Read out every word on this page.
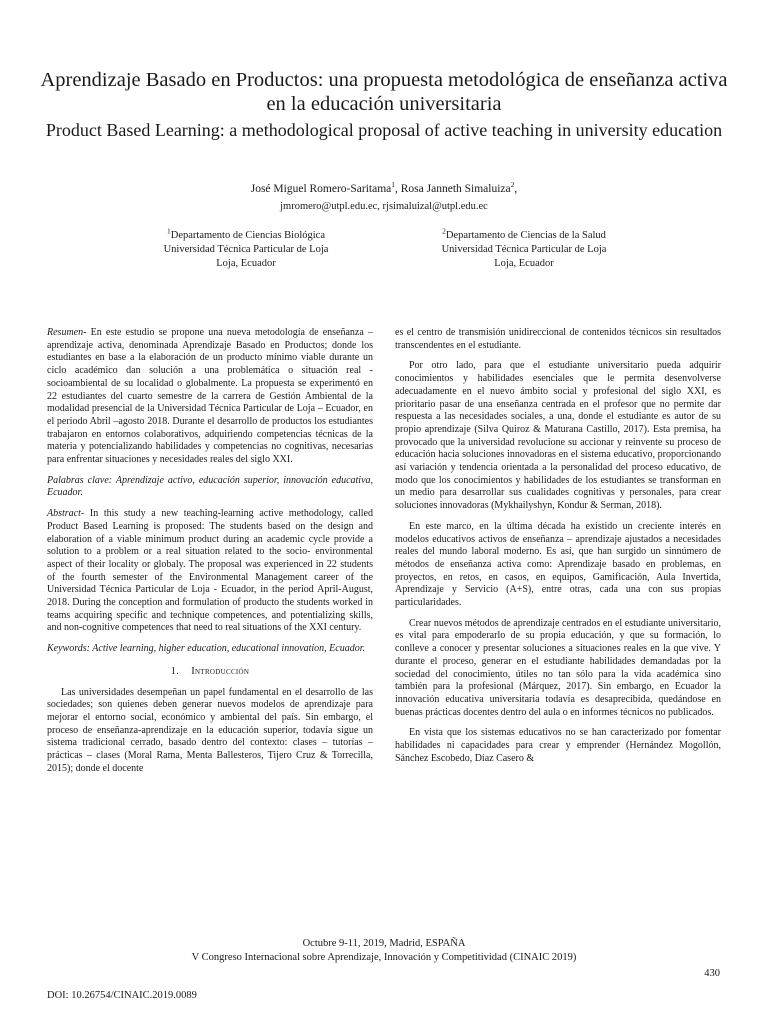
Aprendizaje Basado en Productos: una propuesta metodológica de enseñanza activa en la educación universitaria
Product Based Learning: a methodological proposal of active teaching in university education
José Miguel Romero-Saritama$^1$, Rosa Janneth Simaluiza$^2$,
jmromero@utpl.edu.ec, rjsimaluizal@utpl.edu.ec
$^1$Departamento de Ciencias Biológica
Universidad Técnica Particular de Loja
Loja, Ecuador
$^2$Departamento de Ciencias de la Salud
Universidad Técnica Particular de Loja
Loja, Ecuador

Resumen- En este estudio se propone una nueva metodología de enseñanza – aprendizaje activa, denominada Aprendizaje Basado en Productos; donde los estudiantes en base a la elaboración de un producto mínimo viable durante un ciclo académico dan solución a una problemática o situación real - socioambiental de su localidad o globalmente. La propuesta se experimentó en 22 estudiantes del cuarto semestre de la carrera de Gestión Ambiental de la modalidad presencial de la Universidad Técnica Particular de Loja – Ecuador, en el periodo Abril –agosto 2018. Durante el desarrollo de productos los estudiantes trabajaron en entornos colaborativos, adquiriendo competencias técnicas de la materia y potencializando habilidades y competencias no cognitivas, necesarias para enfrentar situaciones y necesidades reales del siglo XXI.

Palabras clave: Aprendizaje activo, educación superior, innovación educativa, Ecuador.

Abstract- In this study a new teaching-learning active methodology, called Product Based Learning is proposed: The students based on the design and elaboration of a viable minimum product during an academic cycle provide a solution to a problem or a real situation related to the socio- environmental aspect of their locality or globaly. The proposal was experienced in 22 students of the fourth semester of the Environmental Management career of the Universidad Técnica Particular de Loja - Ecuador, in the period April-August, 2018. During the conception and formulation of producto the students worked in teams acquiring specific and technique competences, and potentializing skills, and non-cognitive competences that need to real situations of the XXI century.

Keywords: Active learning, higher education, educational innovation, Ecuador.

1. Introducción

Las universidades desempeñan un papel fundamental en el desarrollo de las sociedades; son quienes deben generar nuevos modelos de aprendizaje para mejorar el entorno social, económico y ambiental del país. Sin embargo, el proceso de enseñanza-aprendizaje en la educación superior, todavía sigue un sistema tradicional cerrado, basado dentro del contexto: clases – tutorías – prácticas – clases (Moral Rama, Menta Ballesteros, Tijero Cruz & Torrecilla, 2015); donde el docente

es el centro de transmisión unidireccional de contenidos técnicos sin resultados transcendentes en el estudiante.

Por otro lado, para que el estudiante universitario pueda adquirir conocimientos y habilidades esenciales que le permita desenvolverse adecuadamente en el nuevo ámbito social y profesional del siglo XXI, es prioritario pasar de una enseñanza centrada en el profesor que no permite dar respuesta a las necesidades sociales, a una, donde el estudiante es autor de su propio aprendizaje (Silva Quiroz & Maturana Castillo, 2017). Esta premisa, ha provocado que la universidad revolucione su accionar y reinvente su proceso de educación hacia soluciones innovadoras en el sistema educativo, proporcionando así variación y tendencia orientada a la personalidad del proceso educativo, de modo que los conocimientos y habilidades de los estudiantes se transforman en un medio para desarrollar sus cualidades cognitivas y personales, para crear soluciones innovadoras (Mykhailyshyn, Kondur & Serman, 2018).

En este marco, en la última década ha existido un creciente interés en modelos educativos activos de enseñanza – aprendizaje ajustados a necesidades reales del mundo laboral moderno. Es así, que han surgido un sinnúmero de métodos de enseñanza activa como: Aprendizaje basado en problemas, en proyectos, en retos, en casos, en equipos, Gamificación, Aula Invertida, Aprendizaje y Servicio (A+S), entre otras, cada una con sus propias particularidades.

Crear nuevos métodos de aprendizaje centrados en el estudiante universitario, es vital para empoderarlo de su propia educación, y que su formación, lo conlleve a conocer y presentar soluciones a situaciones reales en la que vive. Y durante el proceso, generar en el estudiante habilidades demandadas por la sociedad del conocimiento, útiles no tan sólo para la vida académica sino también para la profesional (Márquez, 2017). Sin embargo, en Ecuador la innovación educativa universitaria todavía es desaprecibida, quedándose en buenas prácticas docentes dentro del aula o en informes técnicos no publicados.

En vista que los sistemas educativos no se han caracterizado por fomentar habilidades ni capacidades para crear y emprender (Hernández Mogollón, Sánchez Escobedo, Díaz Casero &

Octubre 9-11, 2019, Madrid, ESPAÑA
V Congreso Internacional sobre Aprendizaje, Innovación y Competitividad (CINAIC 2019)
430
DOI: 10.26754/CINAIC.2019.0089
